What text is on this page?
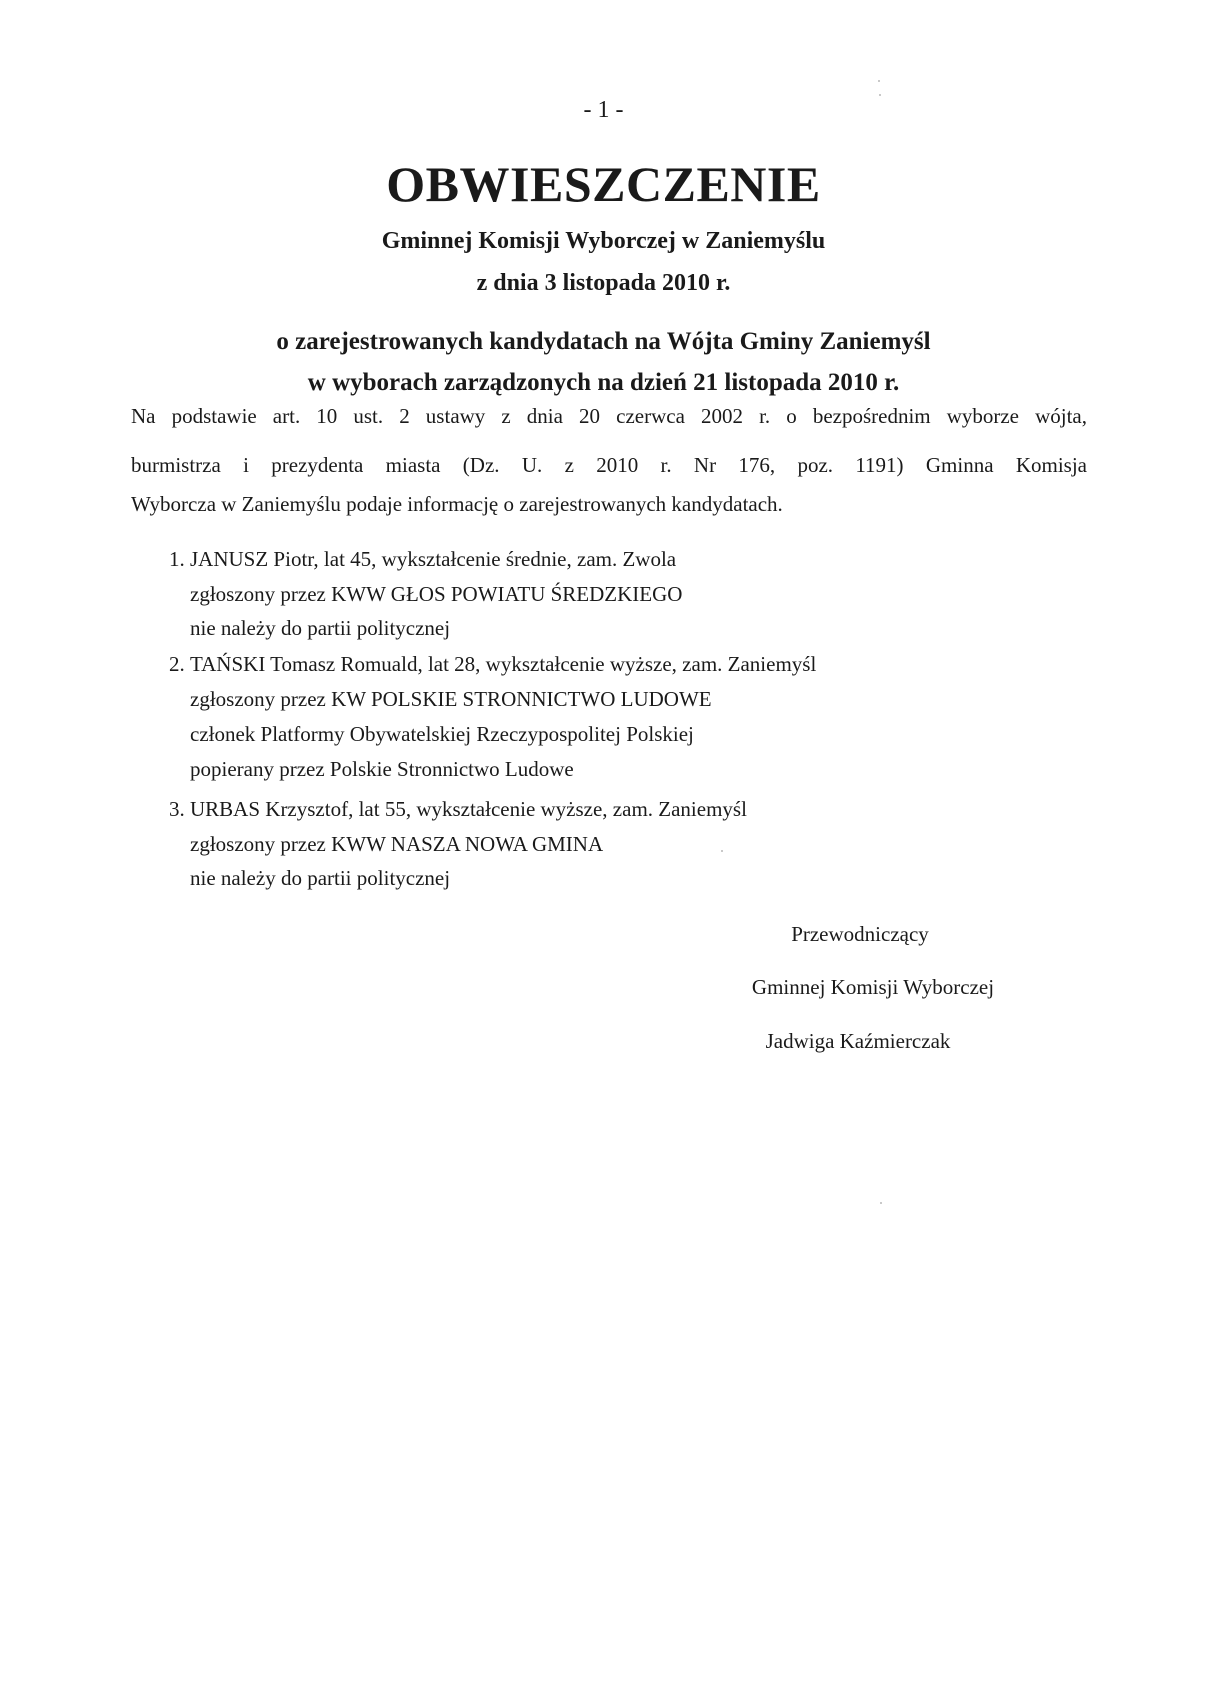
- 1 -
OBWIESZCZENIE
Gminnej Komisji Wyborczej w Zaniemyślu
z dnia 3 listopada 2010 r.
o zarejestrowanych kandydatach na Wójta Gminy Zaniemyśl
w wyborach zarządzonych na dzień 21 listopada 2010 r.
Na podstawie art. 10 ust. 2 ustawy z dnia 20 czerwca 2002 r. o bezpośrednim wyborze wójta,
burmistrza i prezydenta miasta (Dz. U. z 2010 r. Nr 176, poz. 1191) Gminna Komisja
Wyborcza w Zaniemyślu podaje informację o zarejestrowanych kandydatach.
1. JANUSZ Piotr, lat 45, wykształcenie średnie, zam. Zwola
zgłoszony przez KWW GŁOS POWIATU ŚREDZKIEGO
nie należy do partii politycznej
2. TAŃSKI Tomasz Romuald, lat 28, wykształcenie wyższe, zam. Zaniemyśl
zgłoszony przez KW POLSKIE STRONNICTWO LUDOWE
członek Platformy Obywatelskiej Rzeczypospolitej Polskiej
popierany przez Polskie Stronnictwo Ludowe
3. URBAS Krzysztof, lat 55, wykształcenie wyższe, zam. Zaniemyśl
zgłoszony przez KWW NASZA NOWA GMINA
nie należy do partii politycznej
Przewodniczący
Gminnej Komisji Wyborczej
Jadwiga Kaźmierczak
